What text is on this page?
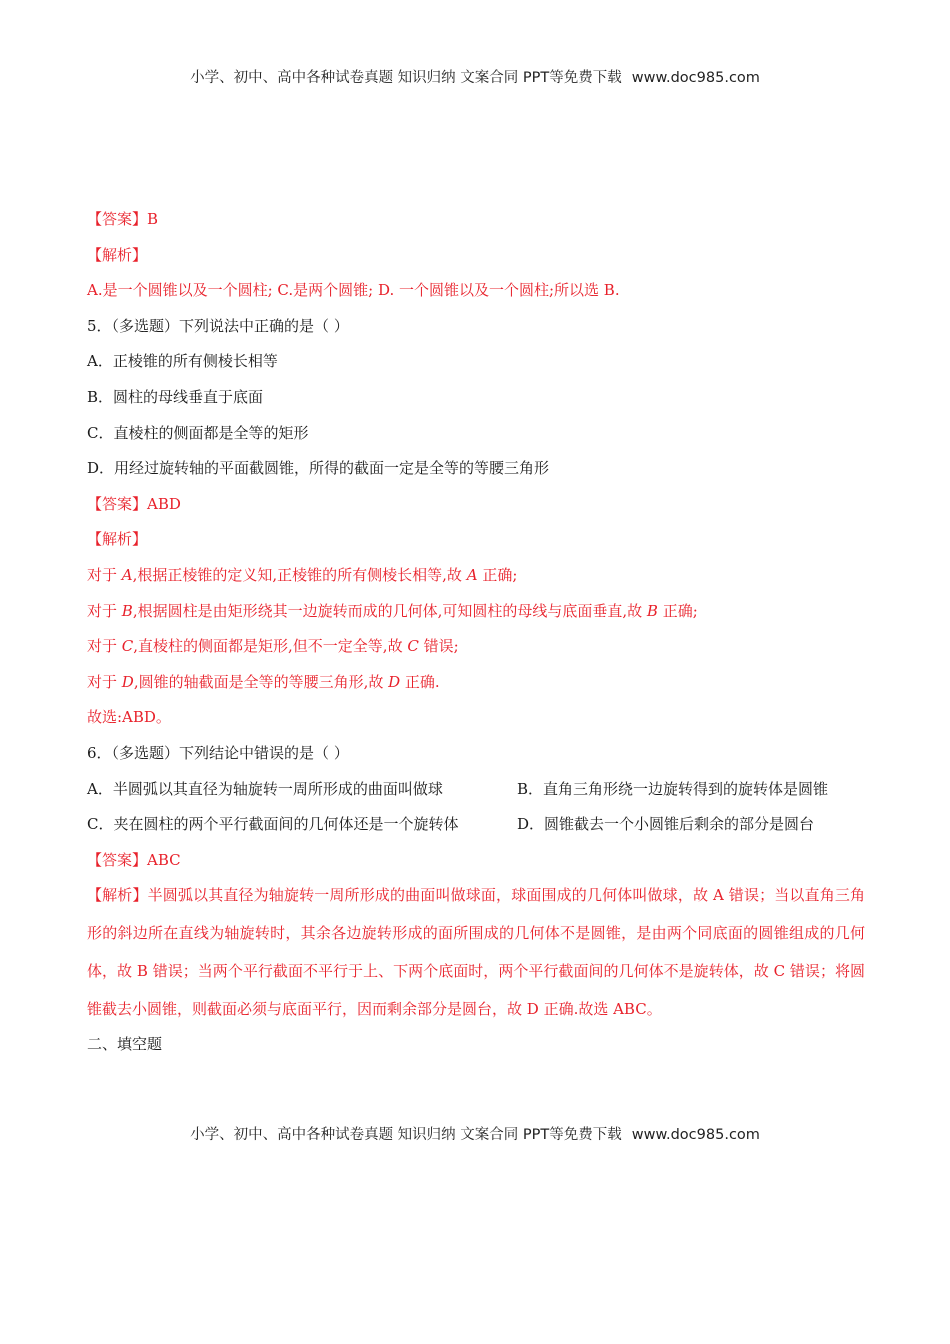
小学、初中、高中各种试卷真题 知识归纳 文案合同 PPT等免费下载 www.doc985.com
【答案】B
【解析】
A.是一个圆锥以及一个圆柱; C.是两个圆锥; D. 一个圆锥以及一个圆柱;所以选 B.
5．（多选题）下列说法中正确的是（ ）
A．正棱锥的所有侧棱长相等
B．圆柱的母线垂直于底面
C．直棱柱的侧面都是全等的矩形
D．用经过旋转轴的平面截圆锥，所得的截面一定是全等的等腰三角形
【答案】ABD
【解析】
对于 A,根据正棱锥的定义知,正棱锥的所有侧棱长相等,故 A 正确;
对于 B,根据圆柱是由矩形绕其一边旋转而成的几何体,可知圆柱的母线与底面垂直,故 B 正确;
对于 C,直棱柱的侧面都是矩形,但不一定全等,故 C 错误;
对于 D,圆锥的轴截面是全等的等腰三角形,故 D 正确.
故选:ABD。
6．（多选题）下列结论中错误的是（ ）
A．半圆弧以其直径为轴旋转一周所形成的曲面叫做球	B．直角三角形绕一边旋转得到的旋转体是圆锥
C．夹在圆柱的两个平行截面间的几何体还是一个旋转体	D．圆锥截去一个小圆锥后剩余的部分是圆台
【答案】ABC
【解析】半圆弧以其直径为轴旋转一周所形成的曲面叫做球面，球面围成的几何体叫做球，故 A 错误；当以直角三角形的斜边所在直线为轴旋转时，其余各边旋转形成的面所围成的几何体不是圆锥，是由两个同底面的圆锥组成的几何体，故 B 错误；当两个平行截面不平行于上、下两个底面时，两个平行截面间的几何体不是旋转体，故 C 错误；将圆锥截去小圆锥，则截面必须与底面平行，因而剩余部分是圆台，故 D 正确.故选 ABC。
二、填空题
小学、初中、高中各种试卷真题 知识归纳 文案合同 PPT等免费下载 www.doc985.com
